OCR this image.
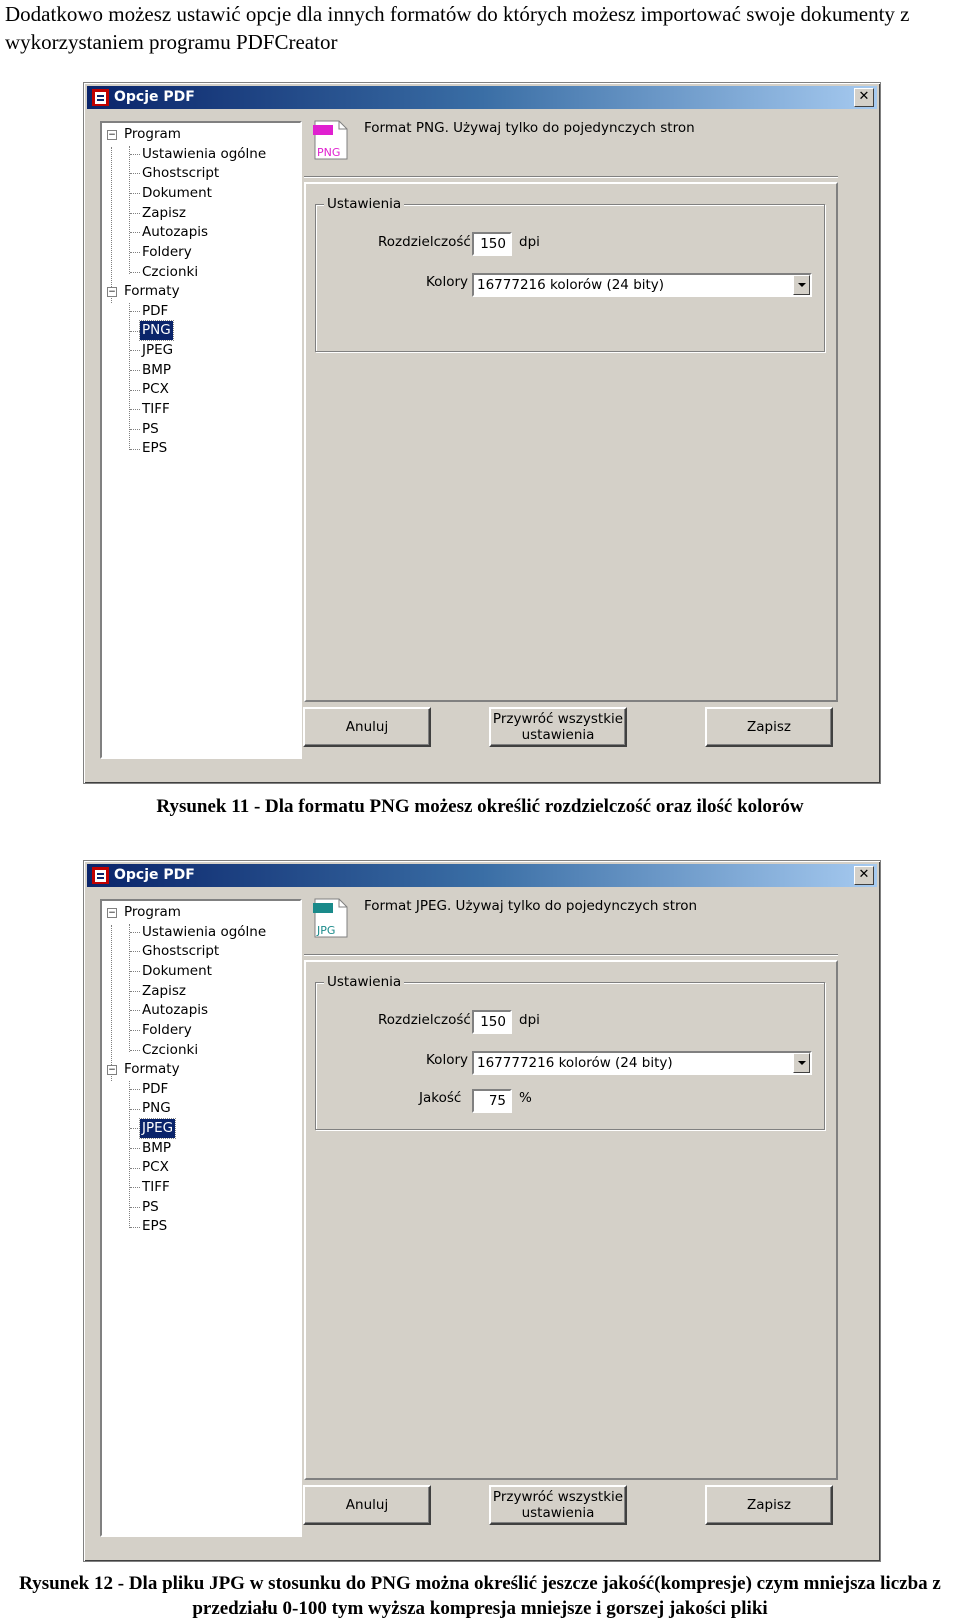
Dodatkowo możesz ustawić opcje dla innych formatów do których możesz importować swoje dokumenty z wykorzystaniem programu PDFCreator
Opcje PDF	✕
− Program
Ustawienia ogólne
Ghostscript
Dokument
Zapisz
Autozapis
Foldery
Czcionki
− Formaty
PDF
PNG
JPEG
BMP
PCX
TIFF
PS
EPS
PNG
Format PNG. Używaj tylko do pojedynczych stron
Ustawienia
Rozdzielczość 150 dpi
Kolory 16777216 kolorów (24 bity)
Anuluj	Przywróć wszystkie
ustawienia	Zapisz
Rysunek 11 - Dla formatu PNG możesz określić rozdzielczość oraz ilość kolorów
Opcje PDF	✕
− Program
Ustawienia ogólne
Ghostscript
Dokument
Zapisz
Autozapis
Foldery
Czcionki
− Formaty
PDF
PNG
JPEG
BMP
PCX
TIFF
PS
EPS
JPG
Format JPEG. Używaj tylko do pojedynczych stron
Ustawienia
Rozdzielczość 150 dpi
Kolory 167777216 kolorów (24 bity)
Jakość	75 %
Anuluj	Przywróć wszystkie
ustawienia	Zapisz
Rysunek 12 - Dla pliku JPG w stosunku do PNG można określić jeszcze jakość(kompresje) czym mniejsza liczba z przedziału 0-100 tym wyższa kompresja mniejsze i gorszej jakości pliki
